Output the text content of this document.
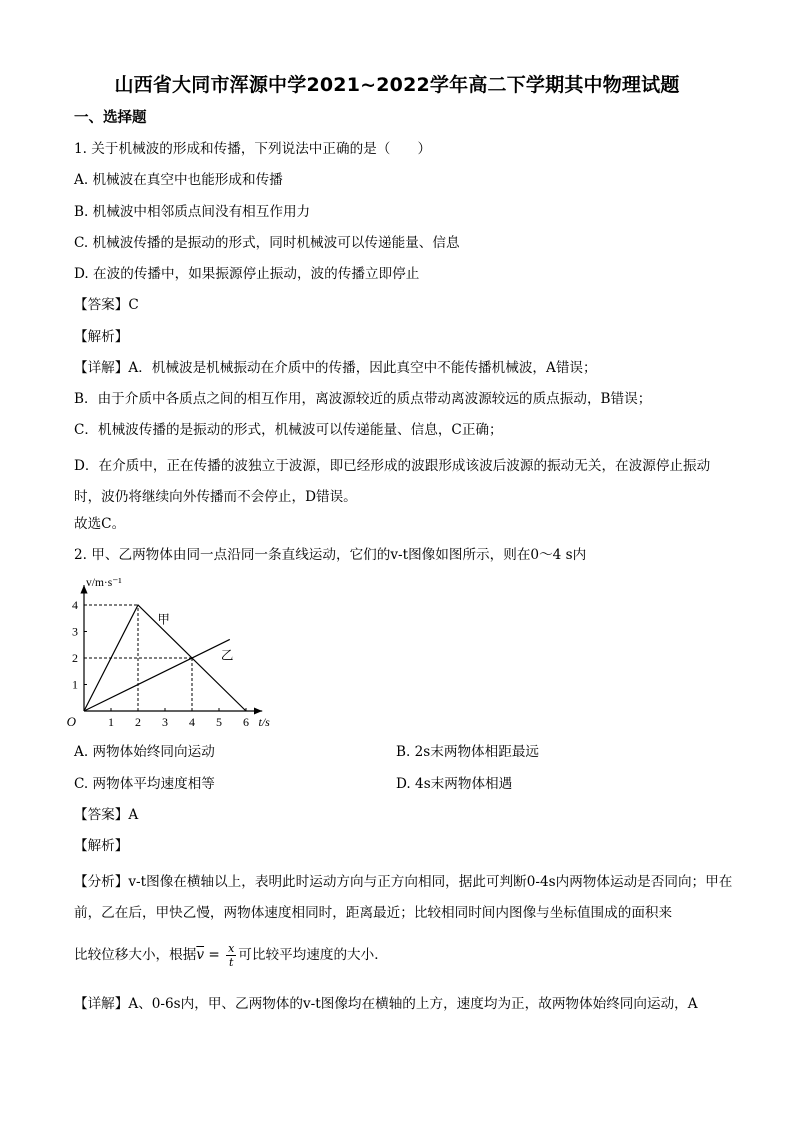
山西省大同市浑源中学2021~2022学年高二下学期其中物理试题
一、选择题
1. 关于机械波的形成和传播，下列说法中正确的是（　　）
A. 机械波在真空中也能形成和传播
B. 机械波中相邻质点间没有相互作用力
C. 机械波传播的是振动的形式，同时机械波可以传递能量、信息
D. 在波的传播中，如果振源停止振动，波的传播立即停止
【答案】C
【解析】
【详解】A．机械波是机械振动在介质中的传播，因此真空中不能传播机械波，A错误；
B．由于介质中各质点之间的相互作用，离波源较近的质点带动离波源较远的质点振动，B错误；
C．机械波传播的是振动的形式，机械波可以传递能量、信息，C正确；
D．在介质中，正在传播的波独立于波源，即已经形成的波跟形成该波后波源的振动无关，在波源停止振动时，波仍将继续向外传播而不会停止，D错误。
故选C。
2. 甲、乙两物体由同一点沿同一条直线运动，它们的v-t图像如图所示，则在0～4 s内
1 2 3 4 5 6
1
2
3
4
O	t/s
v/m·s⁻¹
甲
乙
A. 两物体始终同向运动	B. 2s末两物体相距最远
C. 两物体平均速度相等	D. 4s末两物体相遇
【答案】A
【解析】
【分析】v-t图像在横轴以上，表明此时运动方向与正方向相同，据此可判断0-4s内两物体运动是否同向；甲在前，乙在后，甲快乙慢，两物体速度相同时，距离最近；比较相同时间内图像与坐标值围成的面积来
比较位移大小，根据$\overline{v} = \frac{x}{t}$ 可比较平均速度的大小．
【详解】A、0-6s内，甲、乙两物体的v-t图像均在横轴的上方，速度均为正，故两物体始终同向运动，A
